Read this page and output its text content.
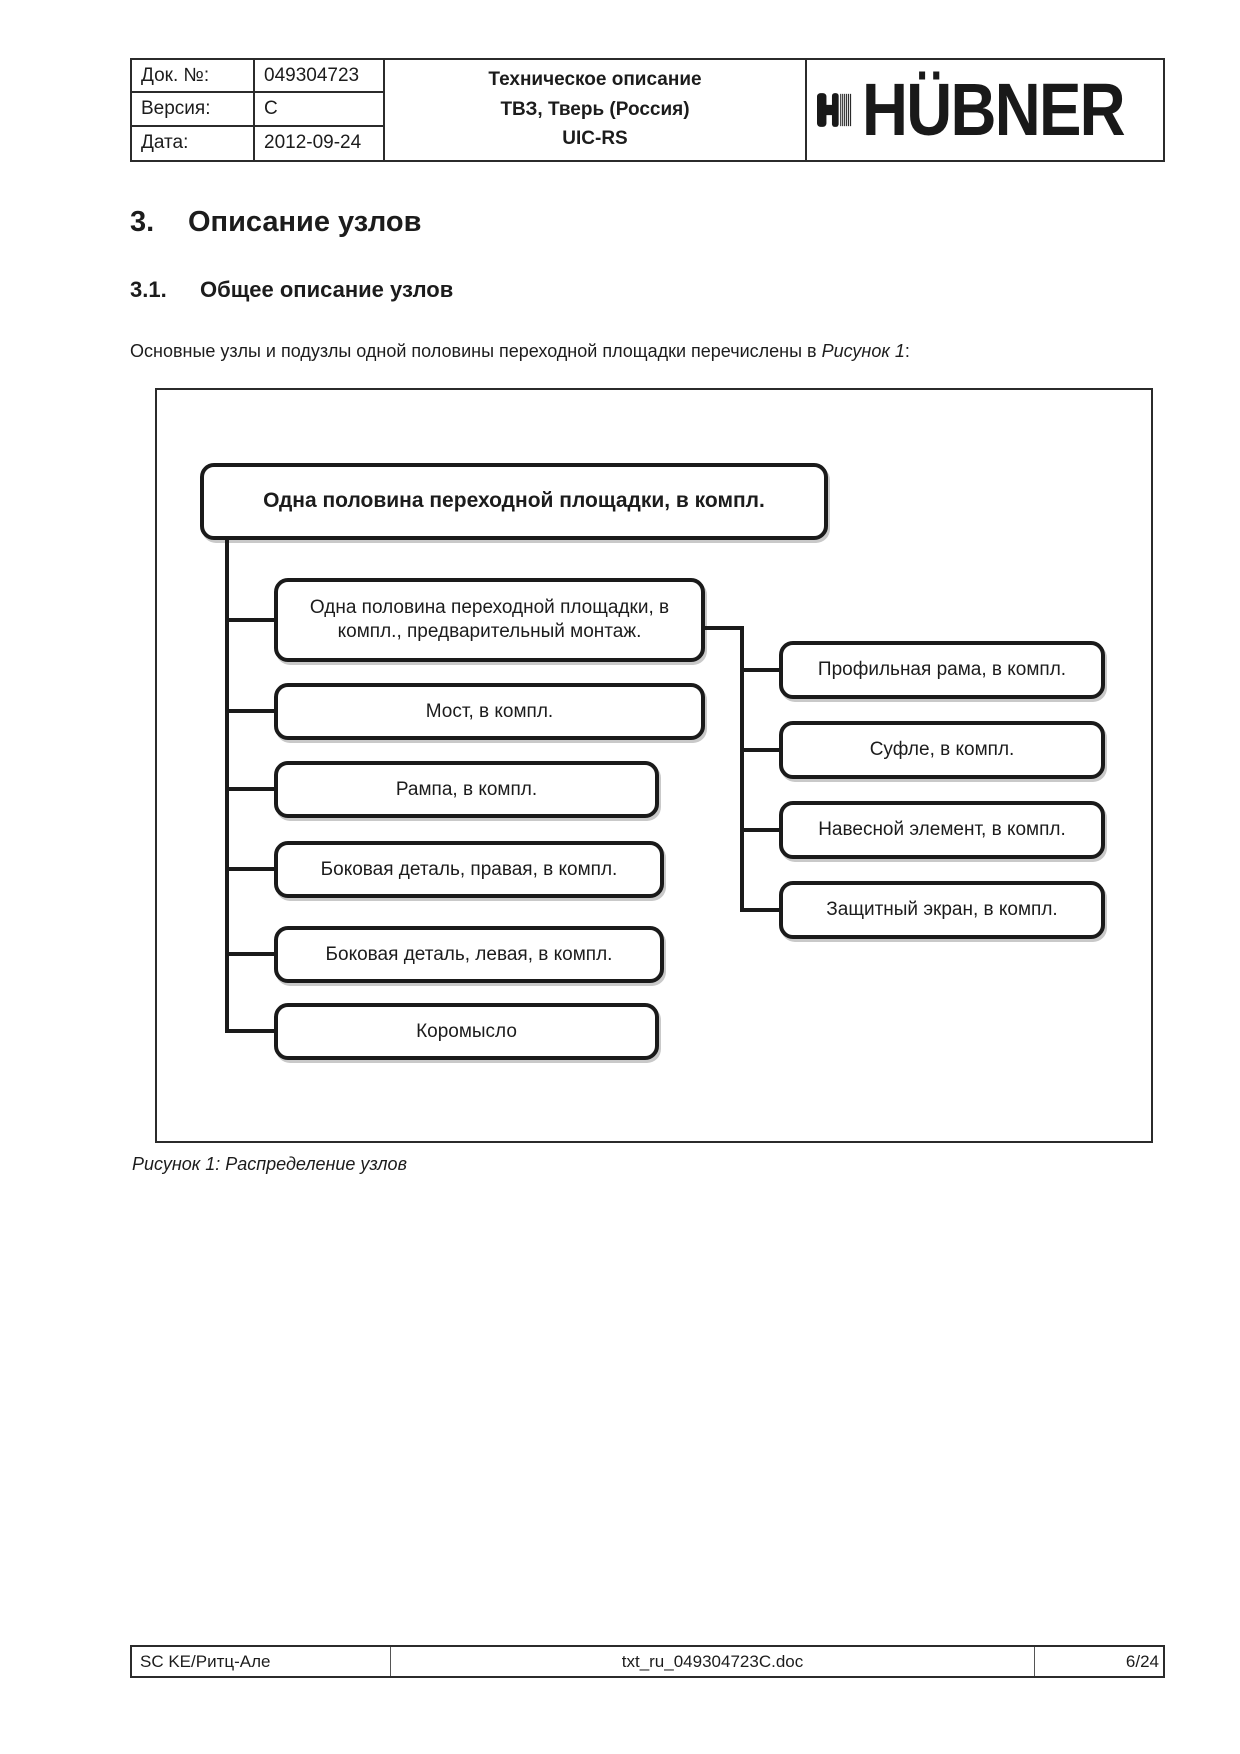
Док. №:	049304723	Техническое описание
ТВЗ, Тверь (Россия)
UIC-RS	HÜBNER
Версия:	C
Дата:	2012-09-24
3.	Описание узлов
3.1.	Общее описание узлов
Основные узлы и подузлы одной половины переходной площадки перечислены в Рисунок 1:
Одна половина переходной площадки, в компл.
Одна половина переходной площадки, в компл., предварительный монтаж.
Мост, в компл.
Рампа, в компл.
Боковая деталь, правая, в компл.
Боковая деталь, левая, в компл.
Коромысло
Профильная рама, в компл.
Суфле, в компл.
Навесной элемент, в компл.
Защитный экран, в компл.
Рисунок 1: Распределение узлов
SC KE/Ритц-Але	txt_ru_049304723C.doc	6/24
